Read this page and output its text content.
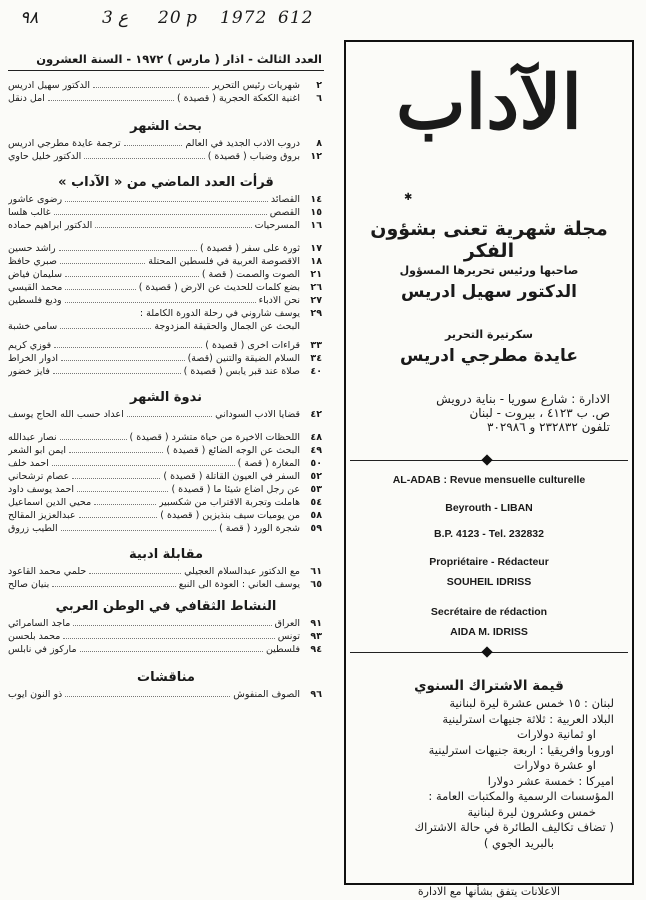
٩٨	3 ع 20 p 1972 612
العدد الثالث - اذار ( مارس ) ١٩٧٢ - السنة العشرون
٢
شهريات رئيس التحرير
الدكتور سهيل ادريس
٦
اغنية الكعكة الحجرية ( قصيدة )
امل دنقل
بحث الشهر
٨
دروب الادب الجديد في العالم
ترجمة عايدة مطرجي ادريس
١٢
بروق وضباب ( قصيدة )
الدكتور خليل حاوي
قرأت العدد الماضي من « الآداب »
١٤
القصائد
رضوى عاشور
١٥
القصص
غالب هلسا
١٦
المسرحيات
الدكتور ابراهيم حماده
١٧
ثورة على سفر ( قصيدة )
راشد حسين
١٨
الاقصوصة العربية في فلسطين المحتلة
صبري حافظ
٢١
الصوت والصمت ( قصة )
سليمان فياض
٢٦
بضع كلمات للحديث عن الارض ( قصيدة )
محمد القيسي
٢٧
نحن الادباء
وديع فلسطين
٢٩
يوسف شاروني في رحلة الدورة الكاملة :
البحث عن الجمال والحقيقة المزدوجة
سامي خشبة
٣٣
قراءات اخرى ( قصيدة )
فوزي كريم
٣٤
السلام الضيقة والتنين (قصة)
ادوار الخراط
٤٠
صلاة عند قبر يابس ( قصيدة )
فايز خضور
ندوة الشهر
٤٢
قضايا الادب السوداني
اعداد حسب الله الحاج يوسف
٤٨
اللحظات الاخيرة من حياة متشرد ( قصيدة )
نصار عبدالله
٤٩
البحث عن الوجه الضائع ( قصيدة )
ايمن ابو الشعر
٥٠
المغارة ( قصة )
احمد خلف
٥٢
السفر في العيون القاتلة ( قصيدة )
عصام ترشحاني
٥٣
عن رجل اضاع شيئا ما ( قصيدة )
احمد يوسف داود
٥٤
هاملت وتجربة الاقتراب من شكسبير
محيي الدين اسماعيل
٥٨
من يوميات سيف بنذيزين ( قصيدة )
عبدالعزيز المقالح
٥٩
شجرة الورد ( قصة )
الطيب زروق
مقابلة ادبية
٦١
مع الدكتور عبدالسلام العجيلي
حلمي محمد القاعود
٦٥
يوسف العاني : العودة الى النبع
بنيان صالح
النشاط الثقافي في الوطن العربي
٩١
العراق
ماجد السامرائي
٩٣
تونس
محمد بلحسن
٩٤
فلسطين
ماركوز في نابلس
مناقشات
٩٦
الصوف المنفوش
ذو النون ايوب
الآداب
✱
مجلة شهرية تعنى بشؤون الفكر
صاحبها ورئيس تحريرها المسؤول
الدكتور سهيل ادريس
سكرتيرة التحرير
عايدة مطرجي ادريس
الادارة : شارع سوريا - بناية درويش
ص. ب ٤١٢٣ ، بيروت - لبنان
تلفون ٢٣٢٨٣٢ و ٣٠٢٩٨٦
AL-ADAB : Revue mensuelle culturelle
Beyrouth - LIBAN
B.P. 4123 - Tel. 232832
Propriétaire - Rédacteur
SOUHEIL IDRISS
Secrétaire de rédaction
AIDA M. IDRISS
قيمة الاشتراك السنوي
لبنان : ١٥ خمس عشرة ليرة لبنانية
البلاد العربية : ثلاثة جنيهات استرلينية
او ثمانية دولارات
اوروبا وافريقيا : اربعة جنيهات استرلينية
او عشرة دولارات
اميركا : خمسة عشر دولارا
المؤسسات الرسمية والمكتبات العامة :
خمس وعشرون ليرة لبنانية
( تضاف تكاليف الطائرة في حالة الاشتراك
بالبريد الجوي )
الاعلانات يتفق بشأنها مع الادارة
